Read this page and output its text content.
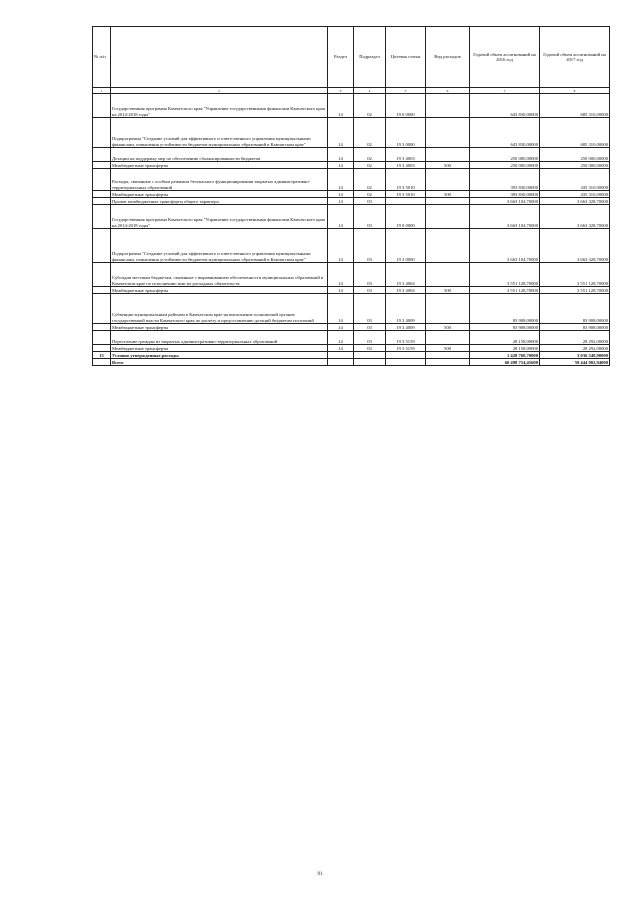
№ п/п		Раздел	Подраздел	Целевая статья	Вид расходов	Годовой объем ассигнований на 2016 год	Годовой объем ассигнований на 2017 год
1	2	3	4	5	6	7	8
	Государственная программа Камчатского края "Управление государственными финансами Камчатского края на 2014-2018 годы"	14	02	19 0 0000		643 830,00000	685 310,00000
	Подпрограмма "Создание условий для эффективного и ответственного управления муниципальными финансами, повышения устойчивости бюджетов муниципальных образований в Камчатском крае"	14	02	19 3 0000		643 830,00000	685 310,00000
	Дотации на поддержку мер по обеспечению сбалансированности бюджетов	14	02	19 3 4003		250 000,00000	250 000,00000
	Межбюджетные трансферты	14	02	19 3 4003	500	250 000,00000	250 000,00000
	Расходы, связанные с особым режимом безопасного функционирования закрытых административно-территориальных образований	14	02	19 3 5010		393 830,00000	435 310,00000
	Межбюджетные трансферты	14	02	19 3 5010	500	393 830,00000	435 310,00000
	Прочие межбюджетные трансферты общего характера	14	03			3 663 104,70000	3 663 328,70000
	Государственная программа Камчатского края "Управление государственными финансами Камчатского края на 2014-2018 годы"	14	03	19 0 0000		3 663 104,70000	3 663 328,70000
	Подпрограмма "Создание условий для эффективного и ответственного управления муниципальными финансами, повышения устойчивости бюджетов муниципальных образований в Камчатском крае"	14	03	19 3 0000		3 663 104,70000	3 663 328,70000
	Субсидии местным бюджетам, связанные с выравниванием обеспеченности муниципальных образований в Камчатском крае по исполнению ими их расходных обязательств	14	03	19 3 4004		3 551 128,70000	3 551 128,70000
	Межбюджетные трансферты	14	03	19 3 4004	500	3 551 128,70000	3 551 128,70000
	Субвенции муниципальным районам в Камчатском крае на выполнение полномочий органов государственной власти Камчатского края по расчету и предоставлению дотаций бюджетам поселений	14	03	19 3 4009		83 908,00000	83 908,00000
	Межбюджетные трансферты	14	03	19 3 4009	500	83 908,00000	83 908,00000
	Переселение граждан из закрытых административно-территориальных образований	14	03	19 3 5159		28 158,00000	28 292,00000
	Межбюджетные трансферты	14	03	19 3 5159	500	28 158,00000	28 292,00000
15	Условно утвержденные расходы					1 428 760,70000	3 036 548,90000
	Всего					60 498 754,45600	59 444 902,94000
91
